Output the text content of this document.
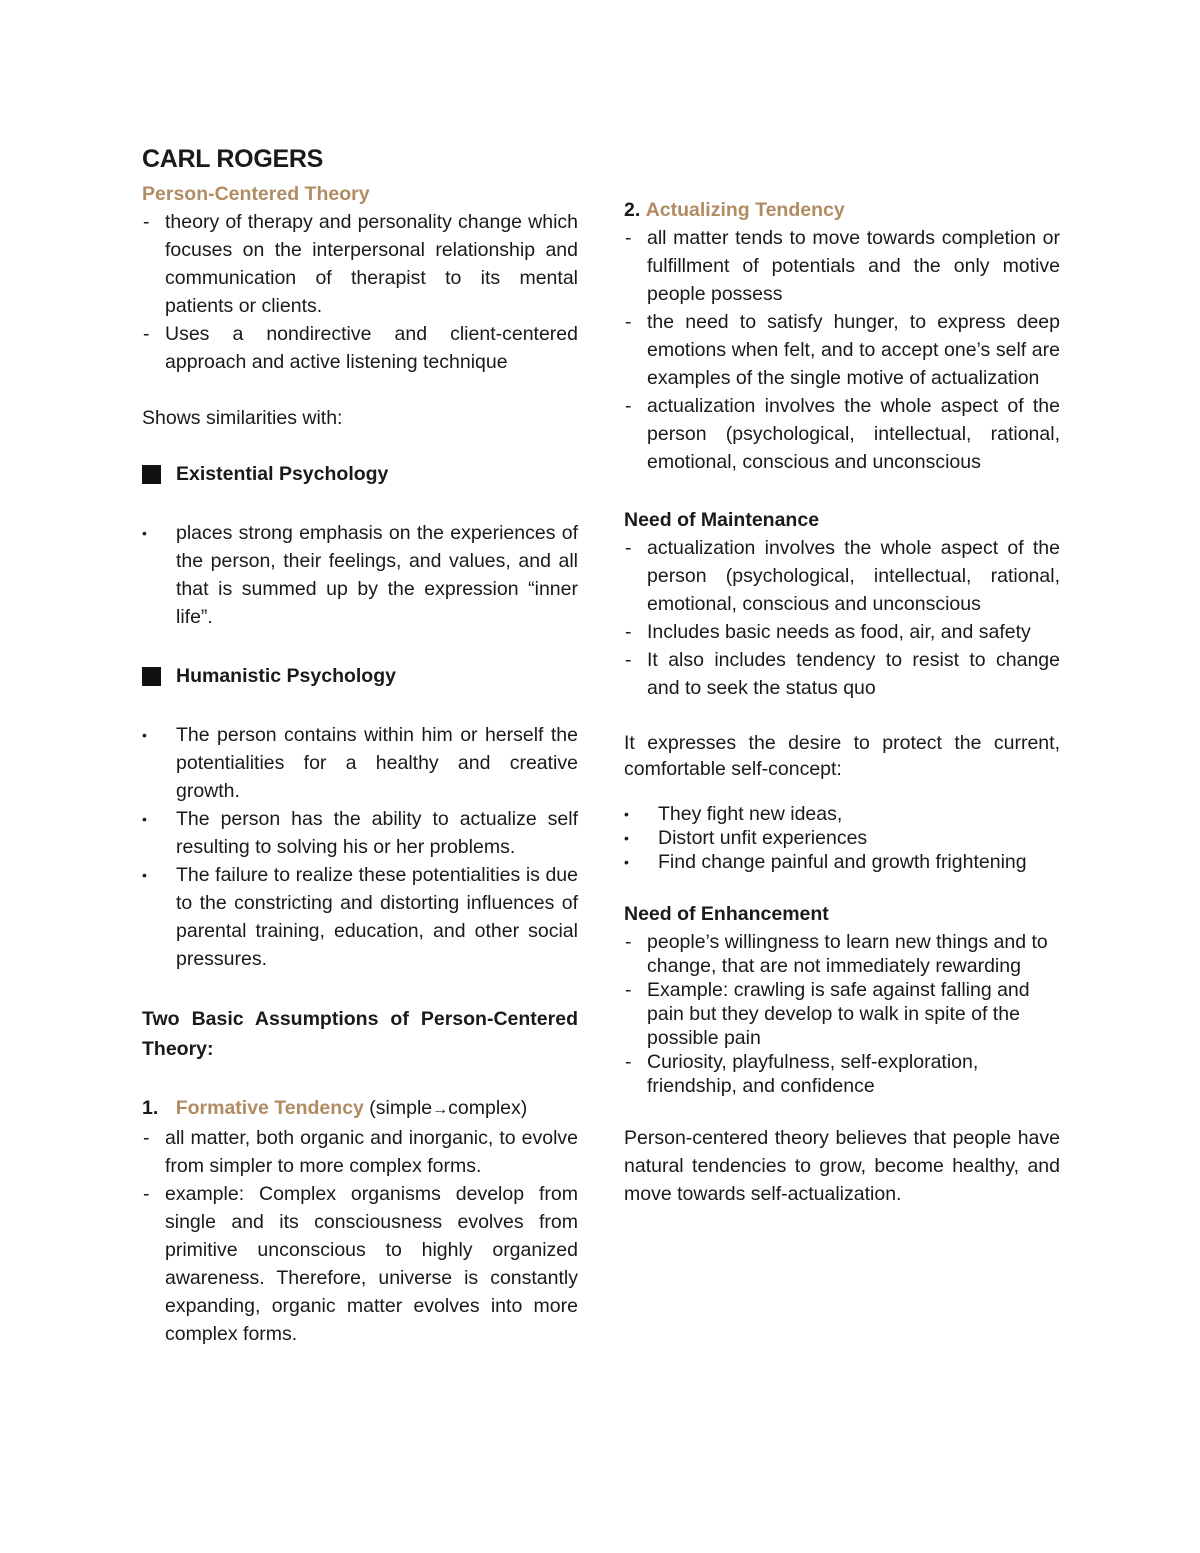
CARL ROGERS
Person-Centered Theory
- theory of therapy and personality change which focuses on the interpersonal relationship and communication of therapist to its mental patients or clients.
- Uses a nondirective and client-centered approach and active listening technique

Shows similarities with:

Existential Psychology
• places strong emphasis on the experiences of the person, their feelings, and values, and all that is summed up by the expression “inner life”.
Humanistic Psychology
• The person contains within him or herself the potentialities for a healthy and creative growth.
• The person has the ability to actualize self resulting to solving his or her problems.
• The failure to realize these potentialities is due to the constricting and distorting influences of parental training, education, and other social pressures.

Two Basic Assumptions of Person-Centered Theory:

1. Formative Tendency (simple→complex)
- all matter, both organic and inorganic, to evolve from simpler to more complex forms.
- example: Complex organisms develop from single and its consciousness evolves from primitive unconscious to highly organized awareness. Therefore, universe is constantly expanding, organic matter evolves into more complex forms.
2. Actualizing Tendency
- all matter tends to move towards completion or fulfillment of potentials and the only motive people possess
- the need to satisfy hunger, to express deep emotions when felt, and to accept one’s self are examples of the single motive of actualization
- actualization involves the whole aspect of the person (psychological, intellectual, rational, emotional, conscious and unconscious
Need of Maintenance
- actualization involves the whole aspect of the person (psychological, intellectual, rational, emotional, conscious and unconscious
- Includes basic needs as food, air, and safety
- It also includes tendency to resist to change and to seek the status quo

It expresses the desire to protect the current, comfortable self-concept:

• They fight new ideas,
• Distort unfit experiences
• Find change painful and growth frightening
Need of Enhancement
- people’s willingness to learn new things and to change, that are not immediately rewarding
- Example: crawling is safe against falling and pain but they develop to walk in spite of the possible pain
- Curiosity, playfulness, self-exploration, friendship, and confidence

Person-centered theory believes that people have natural tendencies to grow, become healthy, and move towards self-actualization.
